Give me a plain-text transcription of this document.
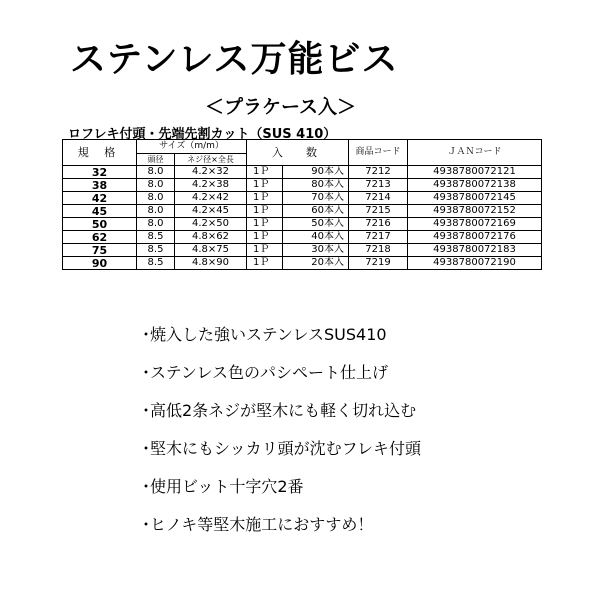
ステンレス万能ビス
＜プラケース入＞
ロフレキ付頭・先端先割カット（SUS 410）
規 格	サイズ（m/m）		入　数		商品コード	ＪＡＮコード
	頭径	ネジ径×全長				
32	8.0	4.2×32	1Ｐ	90本入	7212	4938780072121
38	8.0	4.2×38	1Ｐ	80本入	7213	4938780072138
42	8.0	4.2×42	1Ｐ	70本入	7214	4938780072145
45	8.0	4.2×45	1Ｐ	60本入	7215	4938780072152
50	8.0	4.2×50	1Ｐ	50本入	7216	4938780072169
62	8.5	4.8×62	1Ｐ	40本入	7217	4938780072176
75	8.5	4.8×75	1Ｐ	30本入	7218	4938780072183
90	8.5	4.8×90	1Ｐ	20本入	7219	4938780072190
・焼入した強いステンレスSUS410
・ステンレス色のパシペート仕上げ
・高低2条ネジが堅木にも軽く切れ込む
・堅木にもシッカリ頭が沈むフレキ付頭
・使用ビット十字穴2番
・ヒノキ等堅木施工におすすめ！
